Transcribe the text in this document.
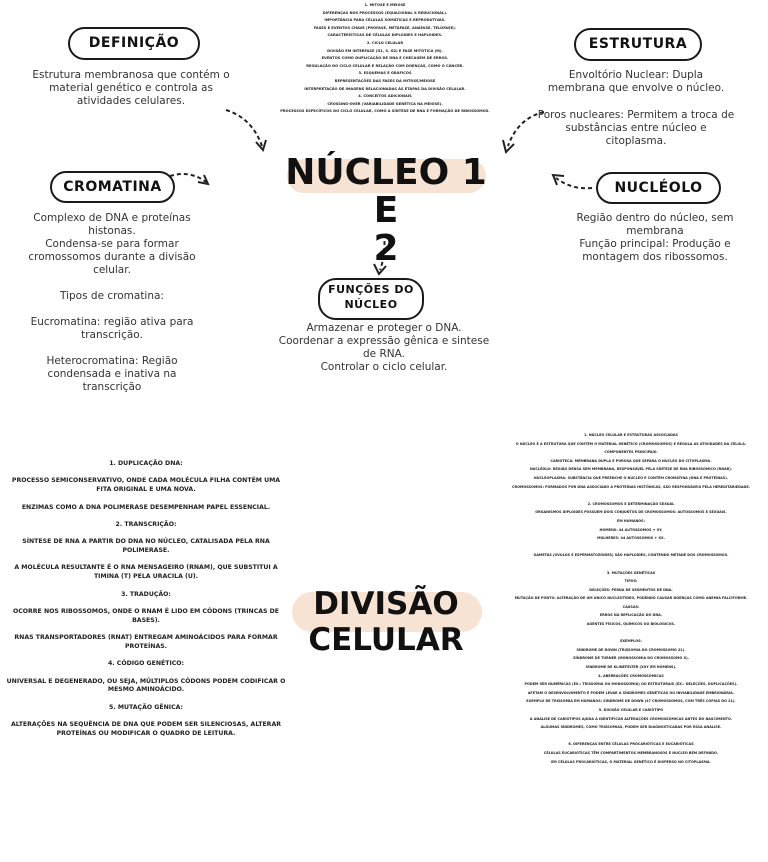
1. MITOSE E MEIOSE
DIFERENÇAS NOS PROCESSOS (EQUACIONAL X REDUCIONAL).
IMPORTÂNCIA PARA CÉLULAS SOMÁTICAS E REPRODUTIVAS.
FASES E EVENTOS CHAVE (PRÓFASE, METÁFASE, ANÁFASE, TELÓFASE).
CARACTERÍSTICAS DE CÉLULAS DIPLOIDES E HAPLOIDES.
2. CICLO CELULAR
DIVISÃO EM INTERFASE (G1, S, G2) E FASE MITÓTICA (M).
EVENTOS COMO DUPLICAÇÃO DE DNA E CHECAGEM DE ERROS.
REGULAÇÃO DO CICLO CELULAR E RELAÇÃO COM DOENÇAS, COMO O CÂNCER.
3. ESQUEMAS E GRÁFICOS
REPRESENTAÇÕES DAS FASES DA MITOSE/MEIOSE
INTERPRETAÇÃO DE IMAGENS RELACIONADAS ÀS ETAPAS DA DIVISÃO CELULAR.
4. CONCEITOS ADICIONAIS
CROSSING-OVER (VARIABILIDADE GENÉTICA NA MEIOSE).
PROCESSOS ESPECÍFICOS DO CICLO CELULAR, COMO A SÍNTESE DE RNA E FORMAÇÃO DE RIBOSSOMOS.
DEFINIÇÃO
Estrutura membranosa que contém o material genético e controla as atividades celulares.
ESTRUTURA
Envoltório Nuclear: Dupla membrana que envolve o núcleo.
Poros nucleares: Permitem a troca de substâncias entre núcleo e citoplasma.
NÚCLEO 1 E
2
CROMATINA
Complexo de DNA e proteínas histonas.
Condensa-se para formar cromossomos durante a divisão celular.

Tipos de cromatina:

Eucromatina: região ativa para transcrição.

Heterocromatina: Região condensada e inativa na transcrição
NUCLÉOLO
Região dentro do núcleo, sem membrana
Função principal: Produção e montagem dos ribossomos.
FUNÇÕES DO
NÚCLEO
Armazenar e proteger o DNA.
Coordenar a expressão gênica e sintese de RNA.
Controlar o ciclo celular.
1. DUPLICAÇÃO DNA:

PROCESSO SEMICONSERVATIVO, ONDE CADA MOLÉCULA FILHA CONTÉM UMA FITA ORIGINAL E UMA NOVA.

ENZIMAS COMO A DNA POLIMERASE DESEMPENHAM PAPEL ESSENCIAL.

2. TRANSCRIÇÃO:

SÍNTESE DE RNA A PARTIR DO DNA NO NÚCLEO, CATALISADA PELA RNA POLIMERASE.

A MOLÉCULA RESULTANTE É O RNA MENSAGEIRO (RNAM), QUE SUBSTITUI A TIMINA (T) PELA URACILA (U).

3. TRADUÇÃO:

OCORRE NOS RIBOSSOMOS, ONDE O RNAM É LIDO EM CÓDONS (TRINCAS DE BASES).

RNAS TRANSPORTADORES (RNAT) ENTREGAM AMINOÁCIDOS PARA FORMAR PROTEÍNAS.

4. CÓDIGO GENÉTICO:

UNIVERSAL E DEGENERADO, OU SEJA, MÚLTIPLOS CÓDONS PODEM CODIFICAR O MESMO AMINOÁCIDO.

5. MUTAÇÃO GÊNICA:

ALTERAÇÕES NA SEQUÊNCIA DE DNA QUE PODEM SER SILENCIOSAS, ALTERAR PROTEÍNAS OU MODIFICAR O QUADRO DE LEITURA.
DIVISÃO
CELULAR
1. NÚCLEO CELULAR E ESTRUTURAS ASSOCIADAS
O NÚCLEO É A ESTRUTURA QUE CONTÉM O MATERIAL GENÉTICO (CROMOSSOMOS) E REGULA AS ATIVIDADES DA CÉLULA.
COMPONENTES PRINCIPAIS:
CARIOTECA: MEMBRANA DUPLA E POROSA QUE SEPARA O NÚCLEO DO CITOPLASMA.
NUCLÉOLO: REGIÃO DENSA SEM MEMBRANA, RESPONSÁVEL PELA SÍNTESE DE RNA RIBOSSÔMICO (RNAR).
NUCLEOPLASMA: SUBSTÂNCIA QUE PREENCHE O NÚCLEO E CONTÉM CROMATINA (DNA E PROTEÍNAS).
CROMOSSOMOS: FORMADOS POR DNA ASSOCIADO A PROTEÍNAS HISTÔNICAS, SÃO RESPONSÁVEIS PELA HEREDITARIEDADE.

2. CROMOSSOMOS E DETERMINAÇÃO SEXUAL
ORGANISMOS DIPLOIDES POSSUEM DOIS CONJUNTOS DE CROMOSSOMOS: AUTOSSOMOS E SEXUAIS.
EM HUMANOS:
HOMENS: 44 AUTOSSOMOS + XY.
MULHERES: 44 AUTOSSOMOS + XX.

GAMETAS (ÓVULOS E ESPERMATOZOIDES) SÃO HAPLOIDES, CONTENDO METADE DOS CROMOSSOMOS.

3. MUTAÇÕES GENÉTICAS
TIPOS:
DELEÇÕES: PERDA DE SEGMENTOS DE DNA.
MUTAÇÃO DE PONTO: ALTERAÇÃO DE UM ÚNICO NUCLEOTÍDEO, PODENDO CAUSAR DOENÇAS COMO ANEMIA FALCIFORME.
CAUSAS:
ERROS NA REPLICAÇÃO DO DNA.
AGENTES FÍSICOS, QUÍMICOS OU BIOLÓGICOS.

EXEMPLOS:
SÍNDROME DE DOWN (TRISSOMIA DO CROMOSSOMO 21).
SÍNDROME DE TURNER (MONOSSOMIA DO CROMOSSOMO X).
SÍNDROME DE KLINEFELTER (XXY EM HOMENS).
4. ABERRAÇÕES CROMOSSÔMICAS
PODEM SER NUMÉRICAS (EX.: TRISSOMIA OU MONOSSOMIA) OU ESTRUTURAIS (EX.: DELEÇÕES, DUPLICAÇÕES).
AFETAM O DESENVOLVIMENTO E PODEM LEVAR A SÍNDROMES GENÉTICAS OU INVIABILIDADE EMBRIONÁRIA.
EXEMPLO DE TRISSOMIA EM HUMANOS: SÍNDROME DE DOWN (47 CROMOSSOMOS, COM TRÊS CÓPIAS DO 21).
5. DIVISÃO CELULAR E CARIÓTIPO
A ANÁLISE DE CARIÓTIPOS AJUDA A IDENTIFICAR ALTERAÇÕES CROMOSSÔMICAS ANTES DO NASCIMENTO.
ALGUMAS SÍNDROMES, COMO TRISSOMIAS, PODEM SER DIAGNOSTICADAS POR ESSA ANÁLISE.

6. DIFERENÇAS ENTRE CÉLULAS PROCARIÓTICAS E EUCARIÓTICAS
CÉLULAS EUCARIÓTICAS TÊM COMPARTIMENTOS MEMBRANOSOS E NÚCLEO BEM DEFINIDO.
EM CÉLULAS PROCARIÓTICAS, O MATERIAL GENÉTICO É DISPERSO NO CITOPLASMA.
